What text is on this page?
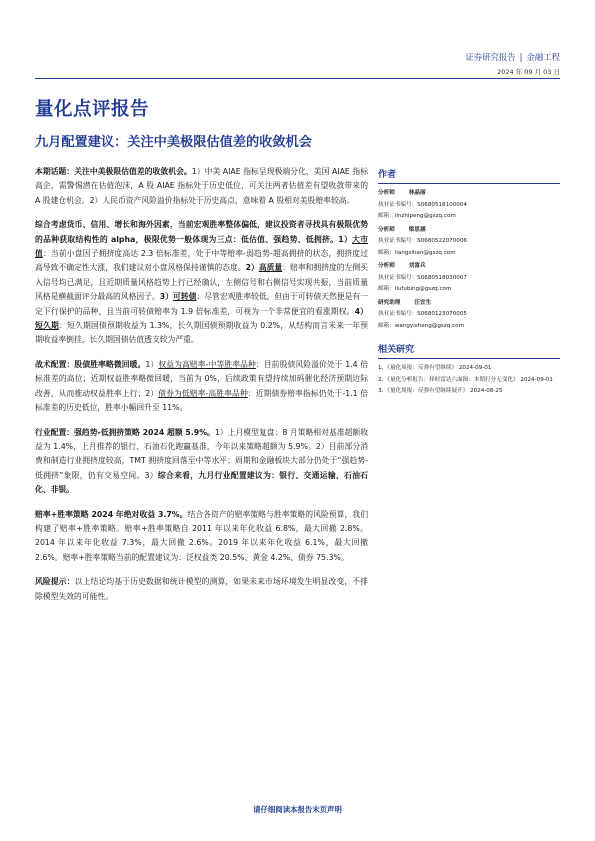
证券研究报告 | 金融工程
2024 年 09 月 03 日
量化点评报告
九月配置建议：关注中美极限估值差的收敛机会

本期话题：关注中美极限估值差的收敛机会。1）中美 AIAE 指标呈现极端分化，美国 AIAE 指标高企，需警惕潜在估值泡沫，A 股 AIAE 指标处于历史低位，可关注两者估值差有望收敛带来的 A 股建仓机会。2）人民币资产风险溢价指标处于历史高点，意味着 A 股相对美股赔率较高。

综合考虑货币、信用、增长和海外因素，当前宏观胜率整体偏低，建议投资者寻找具有极限优势的品种获取结构性的 alpha，极限优势一般体现为三点：低估值、强趋势、低拥挤。1）大市值：当前小盘因子拥挤度高达 2.3 倍标准差，处于中等赔率-弱趋势-超高拥挤的状态，拥挤度过高导致不确定性大涨，我们建议对小盘风格保持谨慎的态度。2）高质量：赔率和拥挤度的左侧买入信号均已满足，且近期质量风格趋势上行已经确认，左侧信号和右侧信号实现共振，当前质量风格是横截面评分最高的风格因子。3）可转债：尽管宏观胜率较低，但由于可转债天然便是有一定下行保护的品种，且当前可转债赔率为 1.9 倍标准差，可视为一个非常便宜的看涨期权。4）短久期：短久期国债预期收益为 1.3%，长久期国债预期收益为 0.2%，从结构而言未来一年预期收益率倒挂，长久期国债估值透支较为严重。

战术配置：股债胜率略微回暖。1）权益为高赔率-中等胜率品种：目前股债风险溢价处于 1.4 倍标准差的高位；近期权益胜率略微回暖，当前为 0%，后续政策有望持续加码催化经济预期边际改善，从而推动权益胜率上行；2）债券为低赔率-高胜率品种：近期债券赔率指标仍处于-1.1 倍标准差的历史低位，胜率小幅回升至 11%。

行业配置：强趋势-低拥挤策略 2024 超额 5.9%。1）上月模型复盘：8 月策略相对基准超额收益为 1.4%，上月推荐的银行、石油石化跑赢基准，今年以来策略超额为 5.9%。2）目前部分消费和制造行业拥挤度较高，TMT 拥挤度回落至中等水平；周期和金融板块大部分仍处于“强趋势-低拥挤”象限，仍有交易空间。3）综合来看，九月行业配置建议为：银行、交通运输、石油石化、非银。

赔率+胜率策略 2024 年绝对收益 3.7%。结合各资产的赔率策略与胜率策略的风险预算，我们构建了赔率+胜率策略。赔率+胜率策略自 2011 年以来年化收益 6.8%，最大回撤 2.8%。2014 年以来年化收益 7.3%，最大回撤 2.6%。2019 年以来年化收益 6.1%，最大回撤 2.6%。赔率+胜率策略当前的配置建议为：泛权益类 20.5%、黄金 4.2%、债券 75.3%。

风险提示：以上结论均基于历史数据和统计模型的测算，如果未来市场环境发生明显改变，不排除模型失效的可能性。

作者
分析师	林晶丽
执业证书编号：S0680518100004
邮箱：linzhipeng@gszq.com
分析师	梁思涵
执业证书编号：S0680522070006
邮箱：liangsihan@gszq.com
分析师	刘富兵
执业证书编号：S0680518030007
邮箱：liufubing@gszq.com
研究助理	汪宜生
执业证书编号：S0680123070005
邮箱：wangyisheng@gszq.com
相关研究
1、《量化周报：反弹有望继续》 2024-09-01
2、《量化分析报告：择时雷达六面图：本期打分无变化》 2024-09-01
3、《量化周报：反弹有望继续展开》 2024-08-25
请仔细阅读本报告末页声明
